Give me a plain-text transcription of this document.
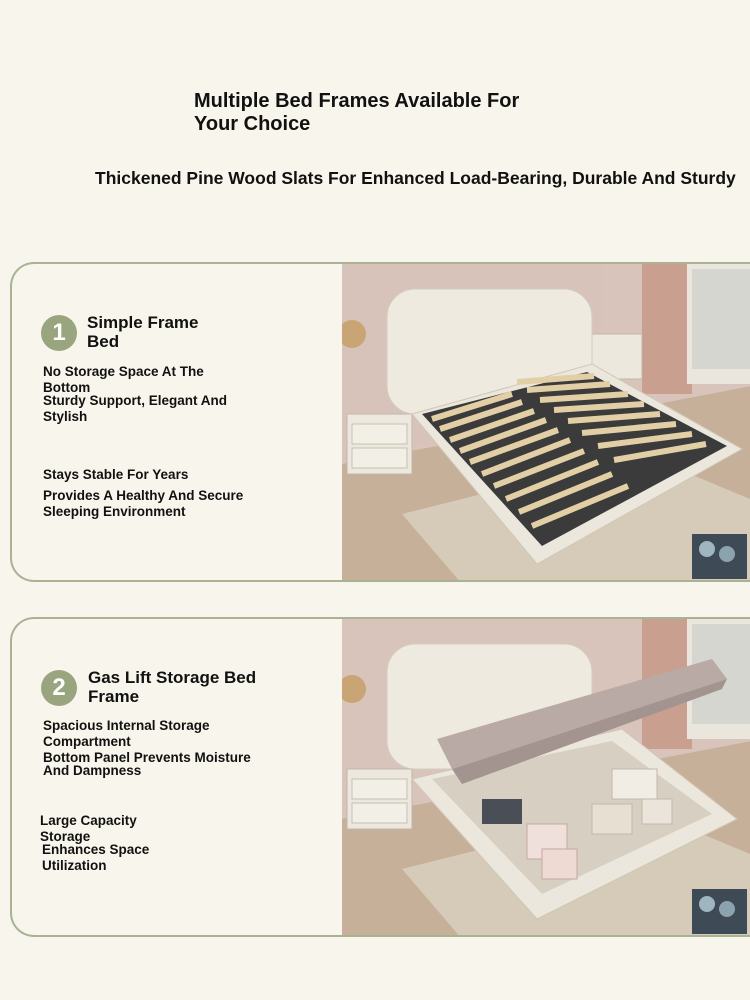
Multiple Bed Frames Available For
Your Choice

Thickened Pine Wood Slats For Enhanced Load-Bearing, Durable And Sturdy

1	Simple Frame
Bed

No Storage Space At The
Bottom

Sturdy Support, Elegant And
Stylish

Stays Stable For Years

Provides A Healthy And Secure
Sleeping Environment

2	Gas Lift Storage Bed
Frame

Spacious Internal Storage
Compartment

Bottom Panel Prevents Moisture
And Dampness

Large Capacity
Storage

Enhances Space
Utilization
